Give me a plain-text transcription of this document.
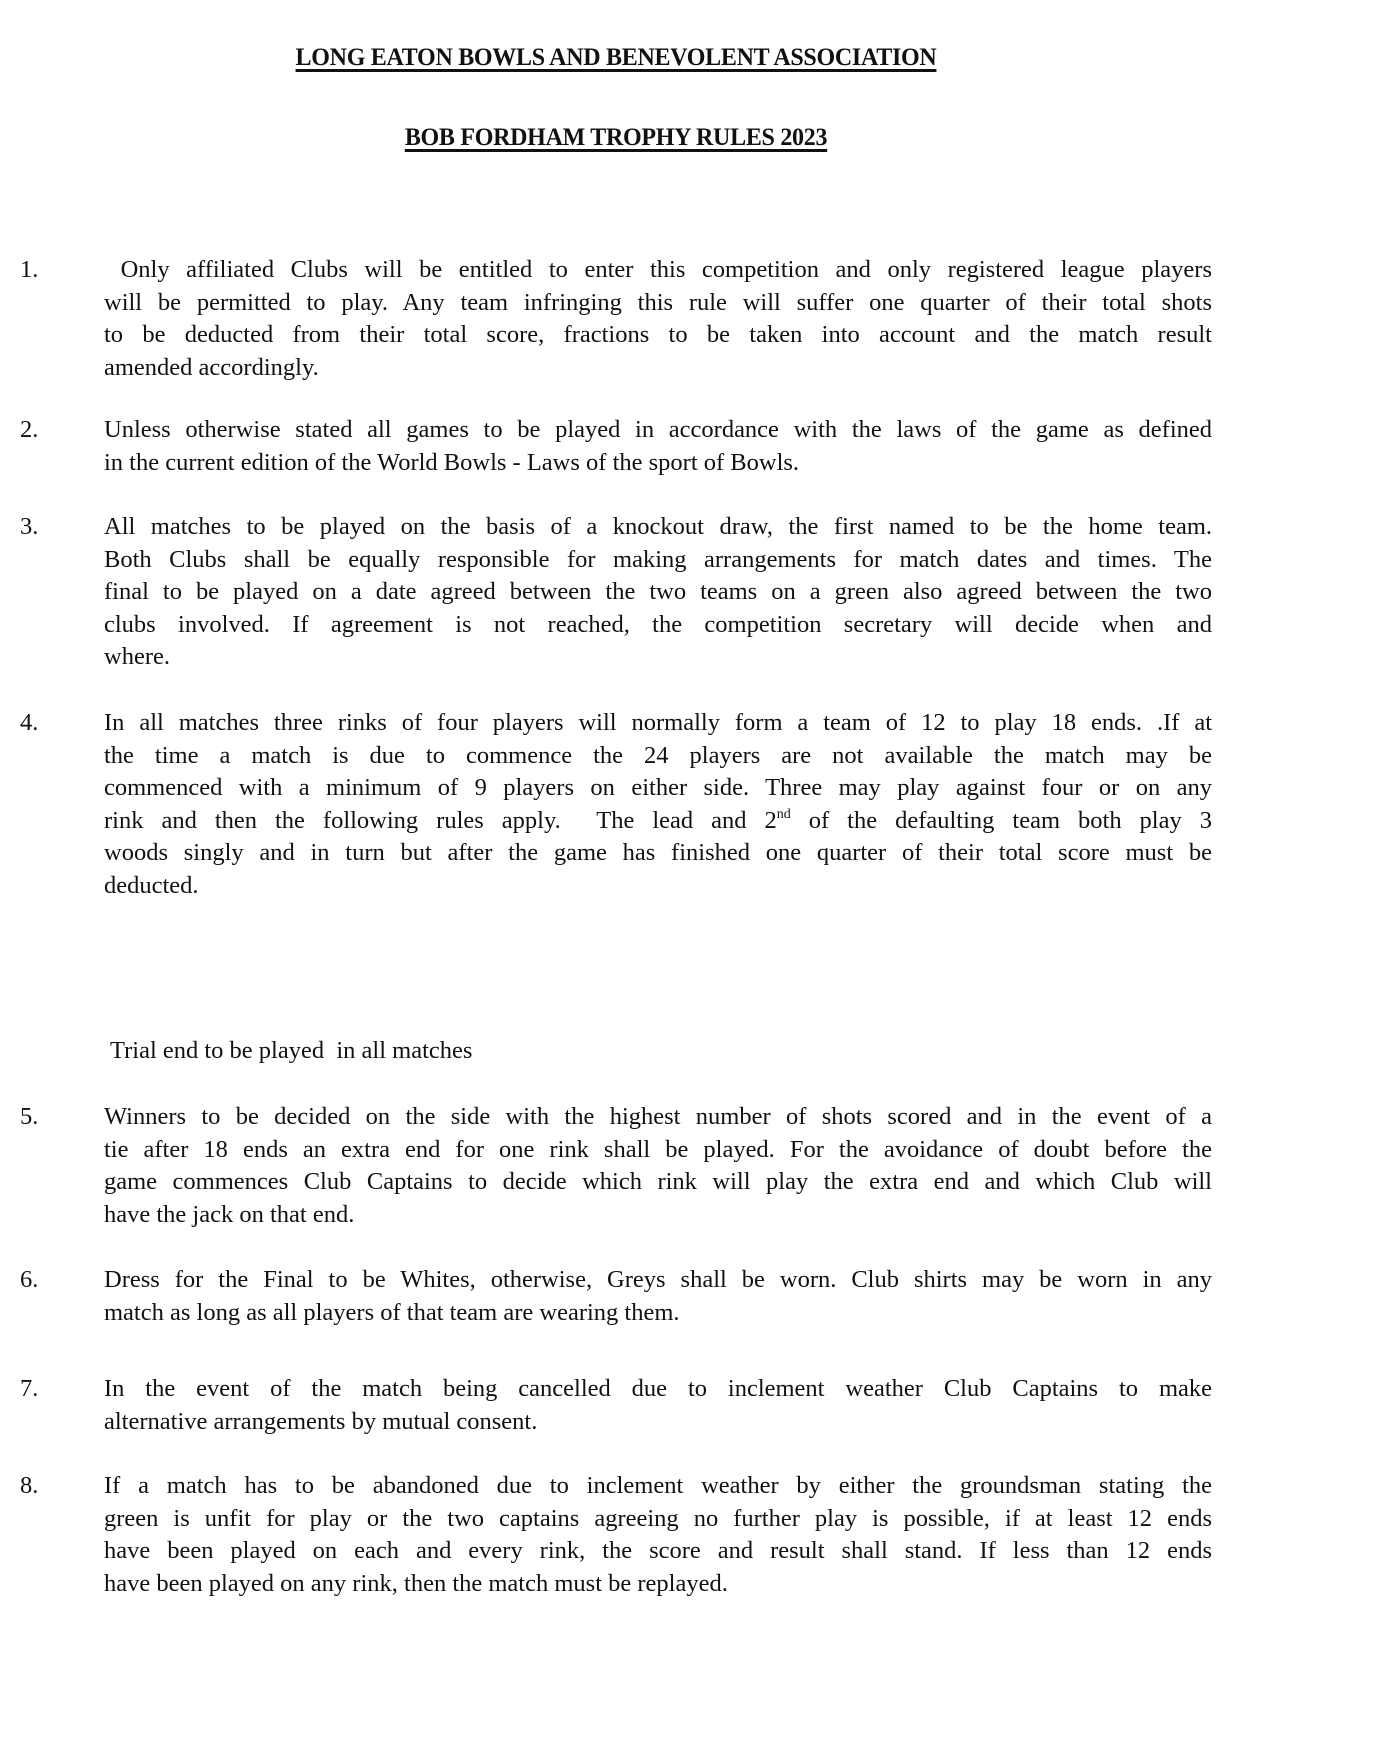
LONG EATON BOWLS AND BENEVOLENT ASSOCIATION
BOB FORDHAM TROPHY RULES 2023
1.	Only affiliated Clubs will be entitled to enter this competition and only registered league players
will be permitted to play. Any team infringing this rule will suffer one quarter of their total shots
to be deducted from their total score, fractions to be taken into account and the match result
amended accordingly.
2.	Unless otherwise stated all games to be played in accordance with the laws of the game as defined
in the current edition of the World Bowls - Laws of the sport of Bowls.
3.	All matches to be played on the basis of a knockout draw, the first named to be the home team.
Both Clubs shall be equally responsible for making arrangements for match dates and times. The
final to be played on a date agreed between the two teams on a green also agreed between the two
clubs involved. If agreement is not reached, the competition secretary will decide when and
where.
4.	In all matches three rinks of four players will normally form a team of 12 to play 18 ends. .If at
the time a match is due to commence the 24 players are not available the match may be
commenced with a minimum of 9 players on either side. Three may play against four or on any
rink and then the following rules apply.  The lead and 2nd of the defaulting team both play 3
woods singly and in turn but after the game has finished one quarter of their total score must be
deducted.
Trial end to be played  in all matches
5.	Winners to be decided on the side with the highest number of shots scored and in the event of a
tie after 18 ends an extra end for one rink shall be played. For the avoidance of doubt before the
game commences Club Captains to decide which rink will play the extra end and which Club will
have the jack on that end.
6.	Dress for the Final to be Whites, otherwise, Greys shall be worn. Club shirts may be worn in any
match as long as all players of that team are wearing them.
7.	In the event of the match being cancelled due to inclement weather Club Captains to make
alternative arrangements by mutual consent.
8.	If a match has to be abandoned due to inclement weather by either the groundsman stating the
green is unfit for play or the two captains agreeing no further play is possible, if at least 12 ends
have been played on each and every rink, the score and result shall stand. If less than 12 ends
have been played on any rink, then the match must be replayed.
